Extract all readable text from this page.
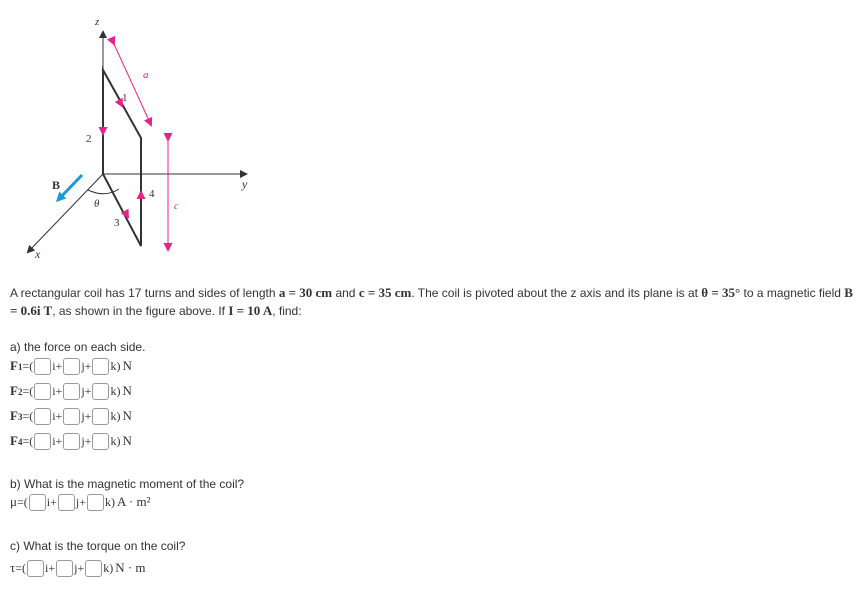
z
y
x
B
a
c
θ
1
2
3
4
A rectangular coil has 17 turns and sides of length a = 30 cm and c = 35 cm. The coil is pivoted about the z axis and its plane is at θ = 35° to a magnetic field B = 0.6i T, as shown in the figure above. If I = 10 A, find:
a) the force on each side.
F 1 =( i+ j+ k) N
F 2 =( i+ j+ k) N
F 3 =( i+ j+ k) N
F 4 =( i+ j+ k) N
b) What is the magnetic moment of the coil?
μ =( i+ j+ k) A · m²
c) What is the torque on the coil?
τ =( i+ j+ k) N · m
